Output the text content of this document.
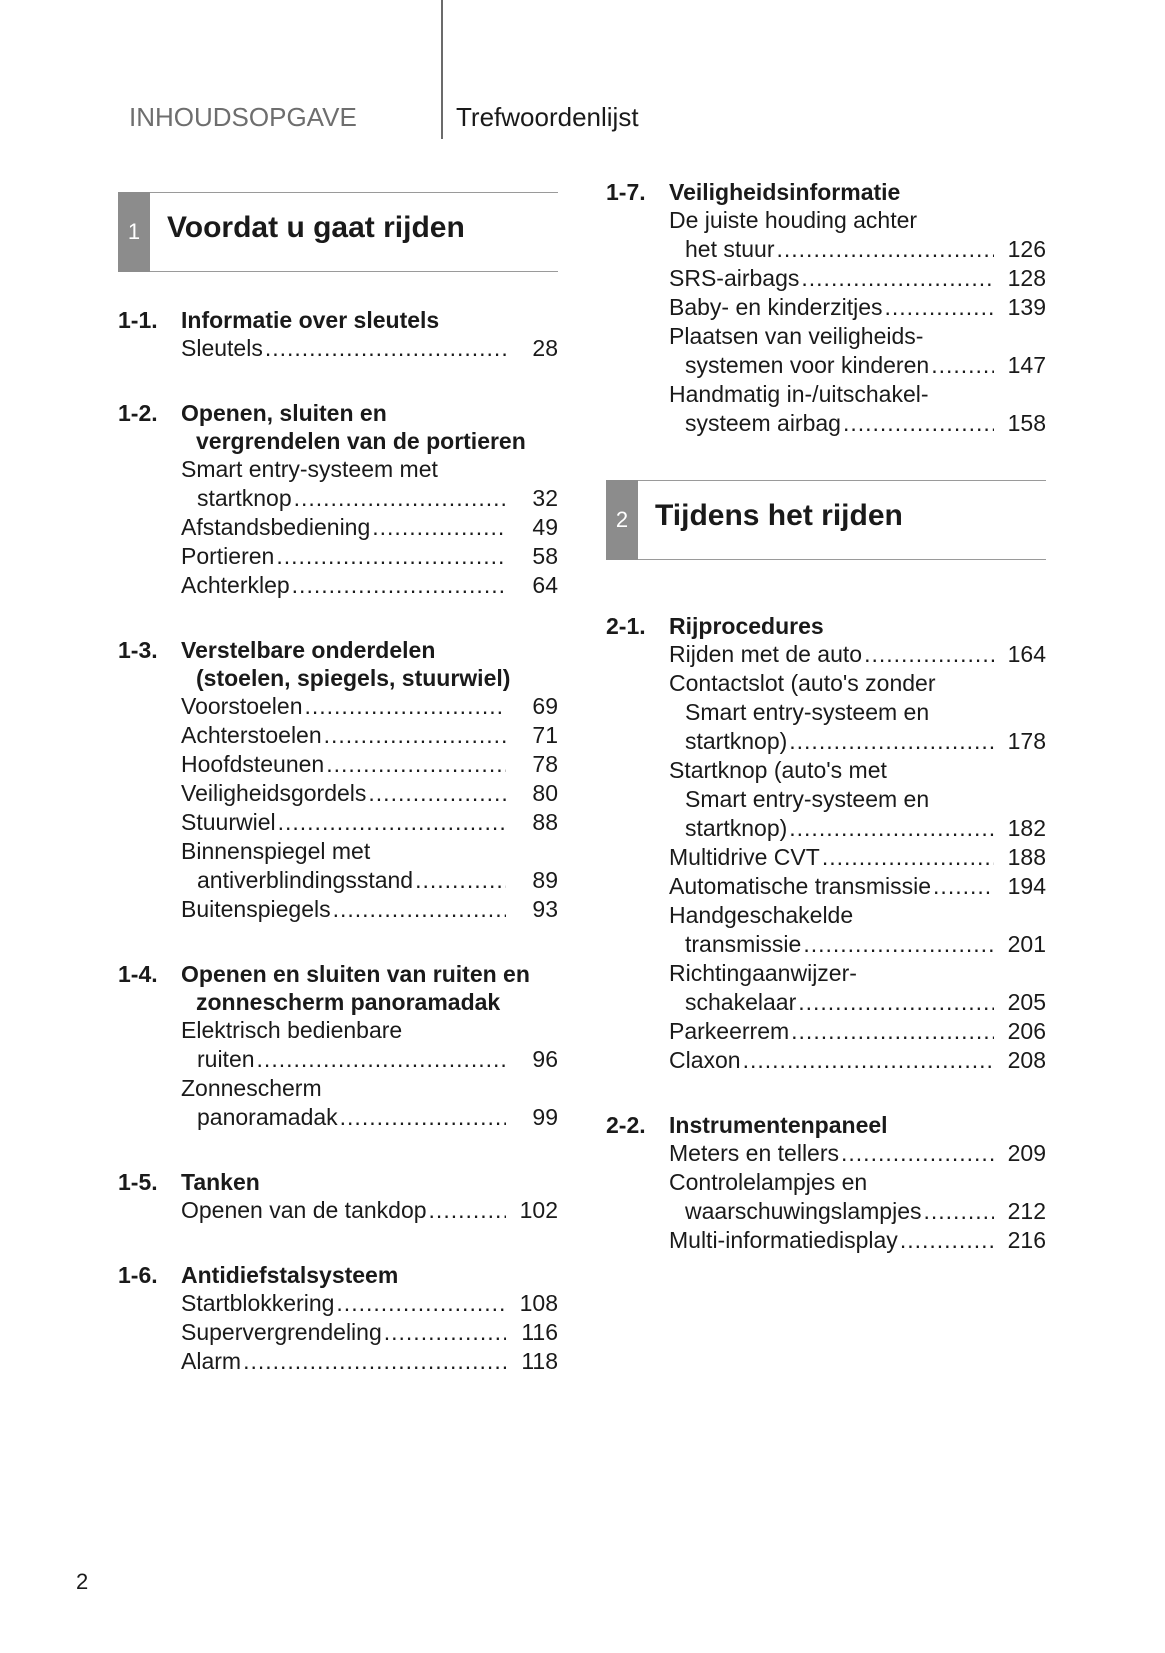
INHOUDSOPGAVE	Trefwoordenlijst
1 Voordat u gaat rijden
1-1.	Informatie over sleutels
Sleutels .....	28
1-2.	Openen, sluiten en
vergrendelen van de portieren
Smart entry-systeem met
startknop .....	32
Afstandsbediening .....	49
Portieren .....	58
Achterklep .....	64
1-3.	Verstelbare onderdelen
(stoelen, spiegels, stuurwiel)
Voorstoelen .....	69
Achterstoelen .....	71
Hoofdsteunen .....	78
Veiligheidsgordels .....	80
Stuurwiel .....	88
Binnenspiegel met
antiverblindingsstand .....	89
Buitenspiegels .....	93
1-4.	Openen en sluiten van ruiten en
zonnescherm panoramadak
Elektrisch bedienbare
ruiten .....	96
Zonnescherm
panoramadak .....	99
1-5.	Tanken
Openen van de tankdop .....	102
1-6.	Antidiefstalsysteem
Startblokkering .....	108
Supervergrendeling .....	116
Alarm .....	118
1-7.	Veiligheidsinformatie
De juiste houding achter
het stuur .....	126
SRS-airbags .....	128
Baby- en kinderzitjes .....	139
Plaatsen van veiligheids-
systemen voor kinderen .....	147
Handmatig in-/uitschakel-
systeem airbag .....	158
2 Tijdens het rijden
2-1.	Rijprocedures
Rijden met de auto .....	164
Contactslot (auto's zonder
Smart entry-systeem en
startknop) .....	178
Startknop (auto's met
Smart entry-systeem en
startknop) .....	182
Multidrive CVT .....	188
Automatische transmissie .....	194
Handgeschakelde
transmissie .....	201
Richtingaanwijzer-
schakelaar .....	205
Parkeerrem .....	206
Claxon .....	208
2-2.	Instrumentenpaneel
Meters en tellers .....	209
Controlelampjes en
waarschuwingslampjes .....	212
Multi-informatiedisplay .....	216
2
